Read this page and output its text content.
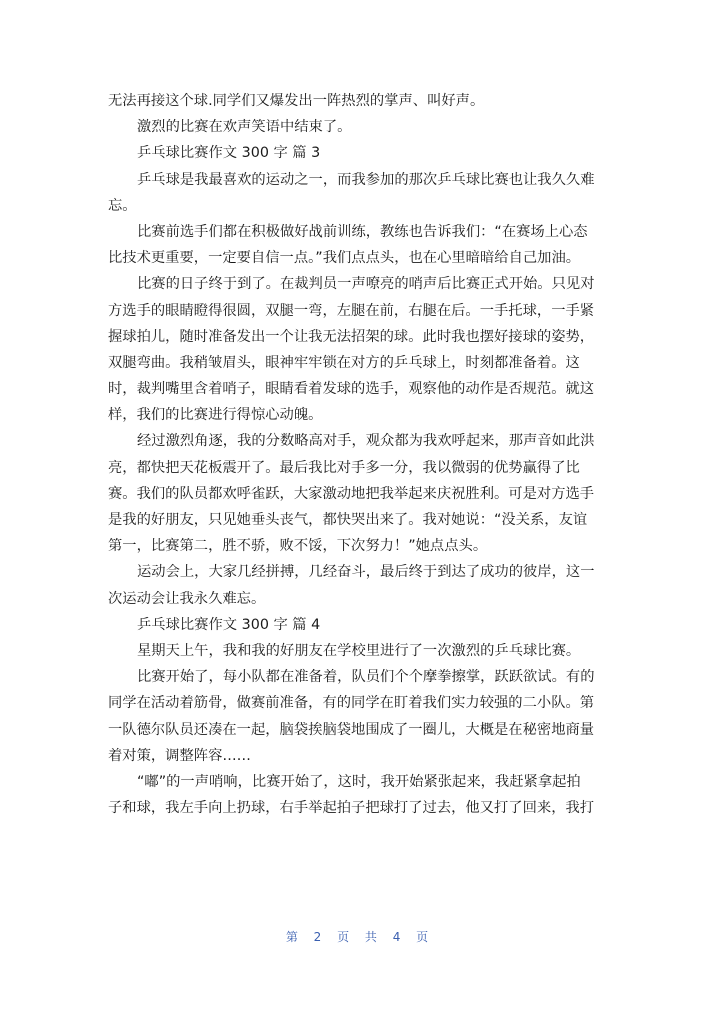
无法再接这个球.同学们又爆发出一阵热烈的掌声、叫好声。
激烈的比赛在欢声笑语中结束了。
乒乓球比赛作文 300 字 篇 3
乒乓球是我最喜欢的运动之一，而我参加的那次乒乓球比赛也让我久久难
忘。
比赛前选手们都在积极做好战前训练，教练也告诉我们：“在赛场上心态
比技术更重要，一定要自信一点。”我们点点头，也在心里暗暗给自己加油。
比赛的日子终于到了。在裁判员一声嘹亮的哨声后比赛正式开始。只见对
方选手的眼睛瞪得很圆，双腿一弯，左腿在前，右腿在后。一手托球，一手紧
握球拍儿，随时准备发出一个让我无法招架的球。此时我也摆好接球的姿势，
双腿弯曲。我稍皱眉头，眼神牢牢锁在对方的乒乓球上，时刻都准备着。这
时，裁判嘴里含着哨子，眼睛看着发球的选手，观察他的动作是否规范。就这
样，我们的比赛进行得惊心动魄。
经过激烈角逐，我的分数略高对手，观众都为我欢呼起来，那声音如此洪
亮，都快把天花板震开了。最后我比对手多一分，我以微弱的优势赢得了比
赛。我们的队员都欢呼雀跃，大家激动地把我举起来庆祝胜利。可是对方选手
是我的好朋友，只见她垂头丧气，都快哭出来了。我对她说：“没关系，友谊
第一，比赛第二，胜不骄，败不馁，下次努力！”她点点头。
运动会上，大家几经拼搏，几经奋斗，最后终于到达了成功的彼岸，这一
次运动会让我永久难忘。
乒乓球比赛作文 300 字 篇 4
星期天上午，我和我的好朋友在学校里进行了一次激烈的乒乓球比赛。
比赛开始了，每小队都在准备着，队员们个个摩拳擦掌，跃跃欲试。有的
同学在活动着筋骨，做赛前准备，有的同学在盯着我们实力较强的二小队。第
一队德尔队员还凑在一起，脑袋挨脑袋地围成了一圈儿，大概是在秘密地商量
着对策，调整阵容……
“嘟”的一声哨响，比赛开始了，这时，我开始紧张起来，我赶紧拿起拍
子和球，我左手向上扔球，右手举起拍子把球打了过去，他又打了回来，我打
第 2 页 共 4 页
